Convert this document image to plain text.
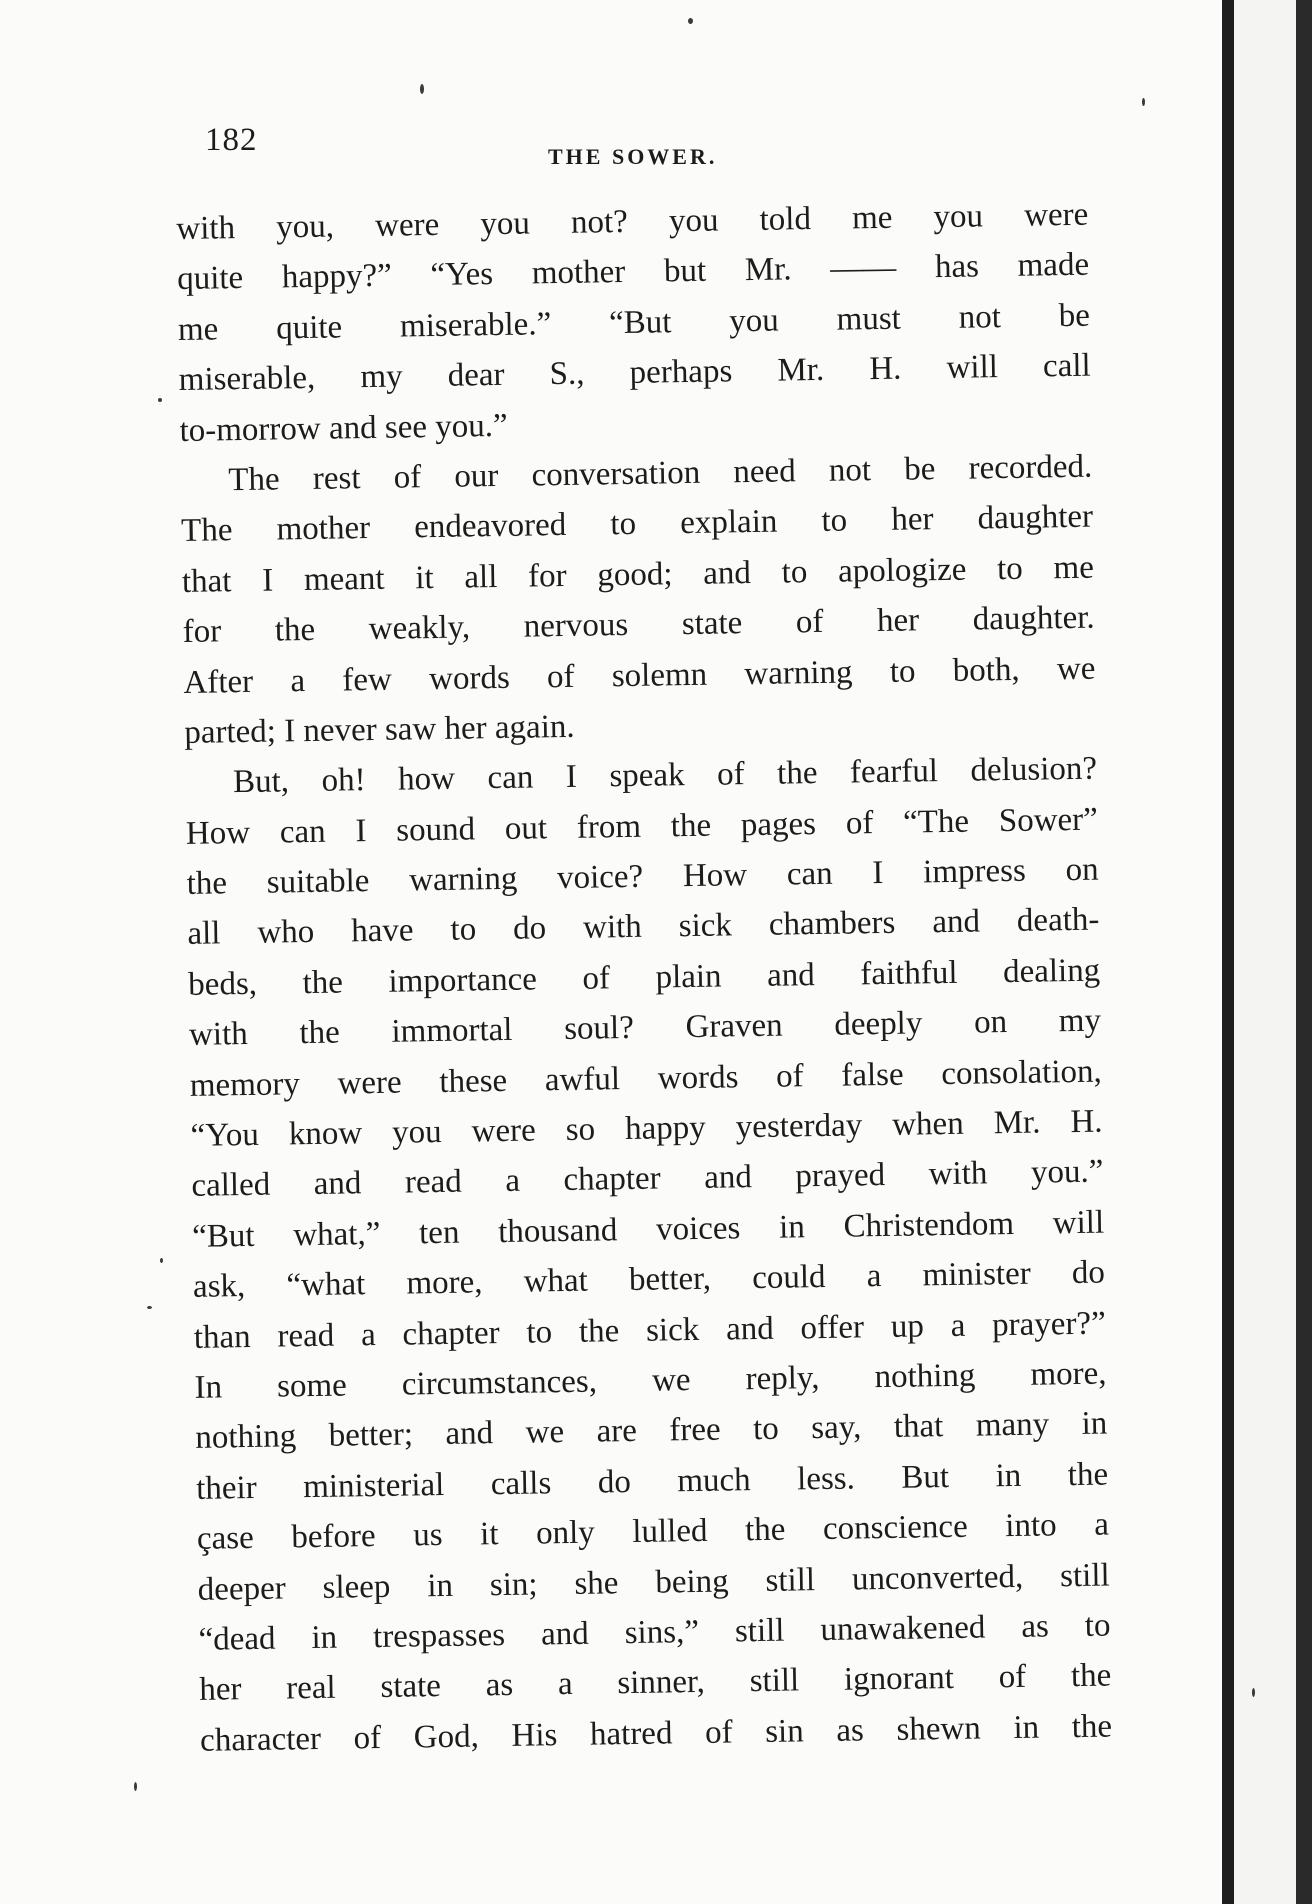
182	THE SOWER.
with you, were you not? you told me you were
quite happy?” “Yes mother but Mr. —— has made
me quite miserable.” “But you must not be
miserable, my dear S., perhaps Mr. H. will call
to-morrow and see you.”
The rest of our conversation need not be recorded.
The mother endeavored to explain to her daughter
that I meant it all for good; and to apologize to me
for the weakly, nervous state of her daughter.
After a few words of solemn warning to both, we
parted; I never saw her again.
But, oh! how can I speak of the fearful delusion?
How can I sound out from the pages of “The Sower”
the suitable warning voice? How can I impress on
all who have to do with sick chambers and death-
beds, the importance of plain and faithful dealing
with the immortal soul? Graven deeply on my
memory were these awful words of false consolation,
“You know you were so happy yesterday when Mr. H.
called and read a chapter and prayed with you.”
“But what,” ten thousand voices in Christendom will
ask, “what more, what better, could a minister do
than read a chapter to the sick and offer up a prayer?”
In some circumstances, we reply, nothing more,
nothing better; and we are free to say, that many in
their ministerial calls do much less. But in the
çase before us it only lulled the conscience into a
deeper sleep in sin; she being still unconverted, still
“dead in trespasses and sins,” still unawakened as to
her real state as a sinner, still ignorant of the
character of God, His hatred of sin as shewn in the
